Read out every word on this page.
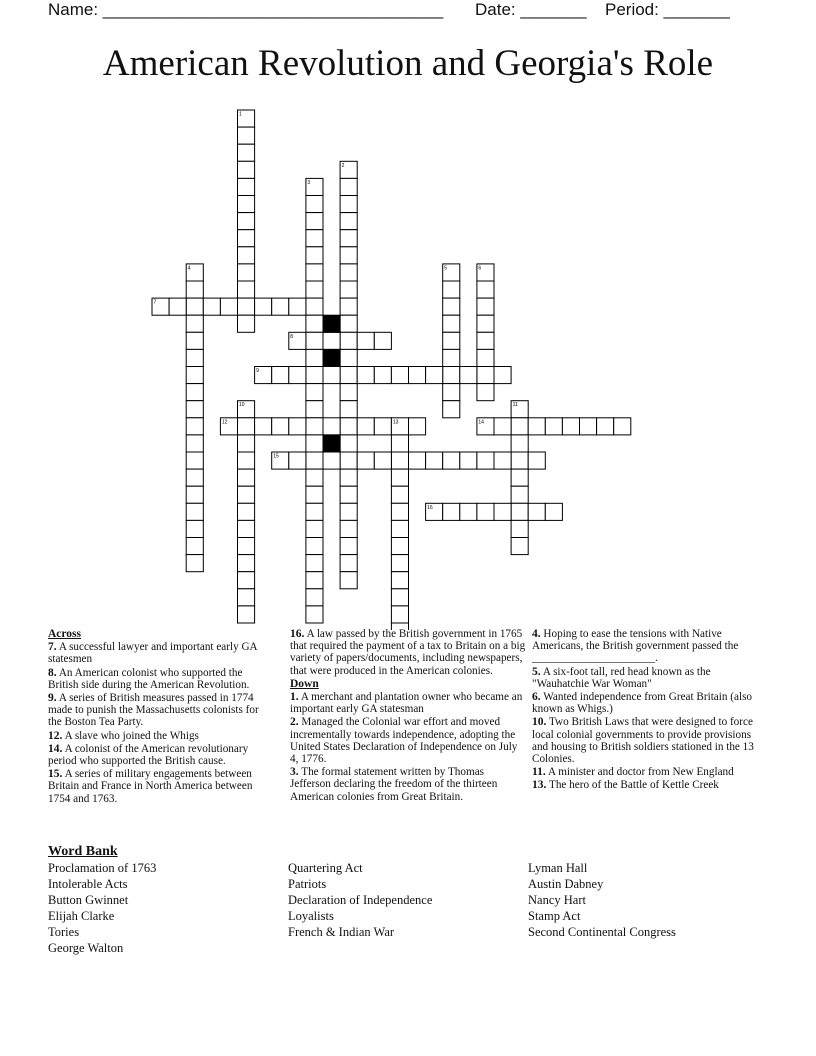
Name: ____________________________________ Date: _______ Period: _______
American Revolution and Georgia's Role
1
2
3
4	5	6
7
8
9
10	11
12	13	14
15
16
Across
7. A successful lawyer and important early GA statesmen
8. An American colonist who supported the British side during the American Revolution.
9. A series of British measures passed in 1774 made to punish the Massachusetts colonists for the Boston Tea Party.
12. A slave who joined the Whigs
14. A colonist of the American revolutionary period who supported the British cause.
15. A series of military engagements between Britain and France in North America between 1754 and 1763.
16. A law passed by the British government in 1765 that required the payment of a tax to Britain on a big variety of papers/documents, including newspapers, that were produced in the American colonies.
Down
1. A merchant and plantation owner who became an important early GA statesman
2. Managed the Colonial war effort and moved incrementally towards independence, adopting the United States Declaration of Independence on July 4, 1776.
3. The formal statement written by Thomas Jefferson declaring the freedom of the thirteen American colonies from Great Britain.
4. Hoping to ease the tensions with Native Americans, the British government passed the ______________________.
5. A six-foot tall, red head known as the "Wauhatchie War Woman"
6. Wanted independence from Great Britain (also known as Whigs.)
10. Two British Laws that were designed to force local colonial governments to provide provisions and housing to British soldiers stationed in the 13 Colonies.
11. A minister and doctor from New England
13. The hero of the Battle of Kettle Creek
Word Bank
Proclamation of 1763
Intolerable Acts
Button Gwinnet
Elijah Clarke
Tories
George Walton
Quartering Act
Patriots
Declaration of Independence
Loyalists
French & Indian War
Lyman Hall
Austin Dabney
Nancy Hart
Stamp Act
Second Continental Congress
